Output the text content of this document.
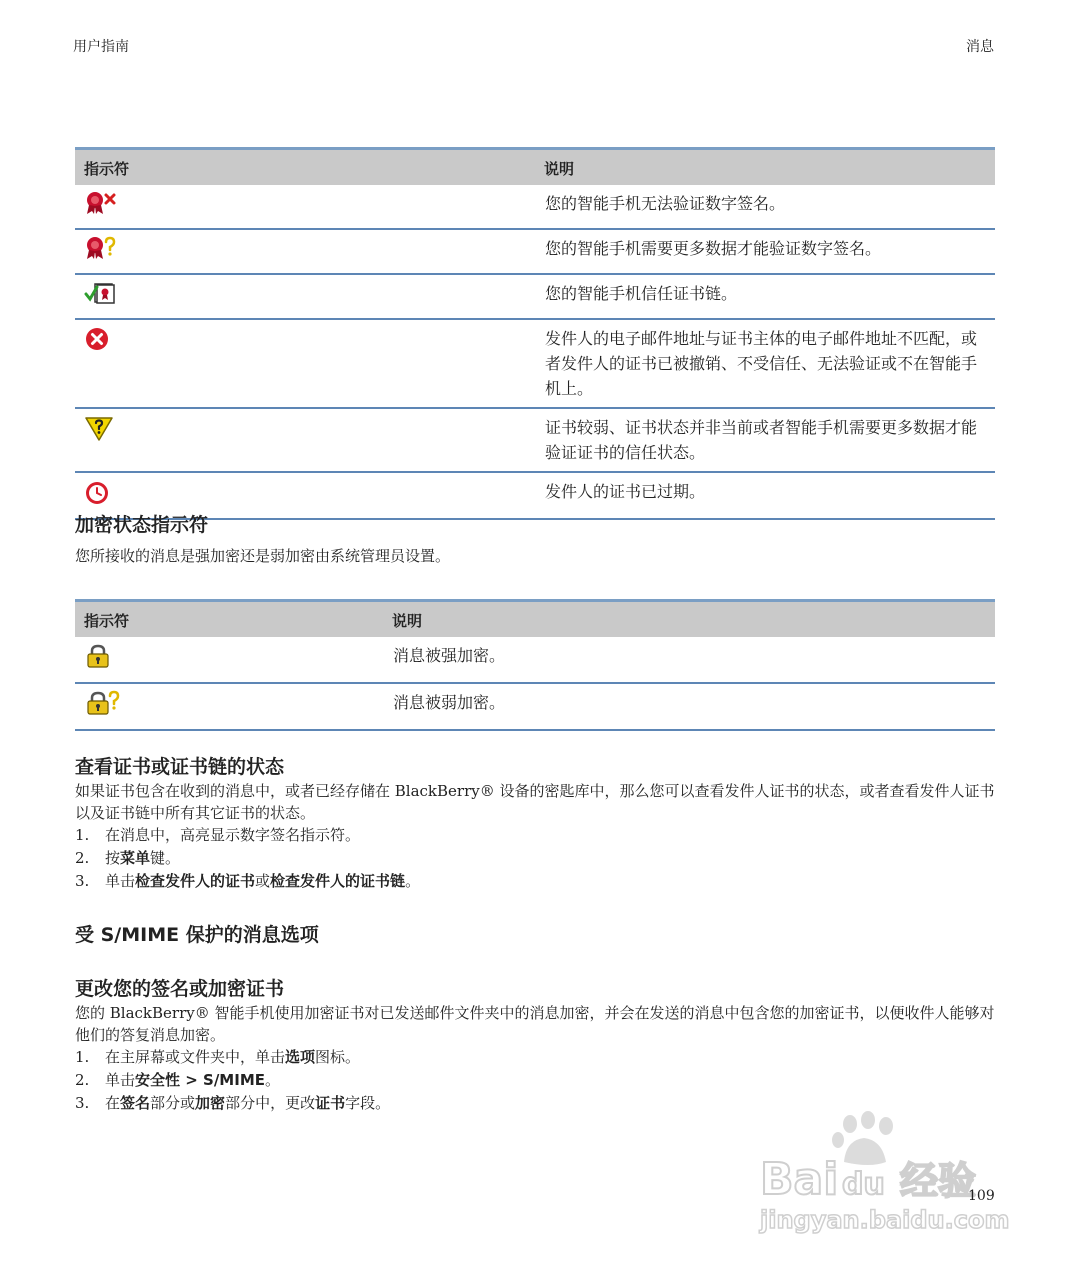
用户指南	消息
指示符	说明
	您的智能手机无法验证数字签名。
	您的智能手机需要更多数据才能验证数字签名。
	您的智能手机信任证书链。
	发件人的电子邮件地址与证书主体的电子邮件地址不匹配，或者发件人的证书已被撤销、不受信任、无法验证或不在智能手机上。
	证书较弱、证书状态并非当前或者智能手机需要更多数据才能验证证书的信任状态。
	发件人的证书已过期。
加密状态指示符

您所接收的消息是强加密还是弱加密由系统管理员设置。

指示符	说明
	消息被强加密。
	消息被弱加密。
查看证书或证书链的状态

如果证书包含在收到的消息中，或者已经存储在 BlackBerry® 设备的密匙库中，那么您可以查看发件人证书的状态，或者查看发件人证书以及证书链中所有其它证书的状态。

1.	在消息中，高亮显示数字签名指示符。
2.	按菜单键。
3.	单击检查发件人的证书或检查发件人的证书链。
受 S/MIME 保护的消息选项
更改您的签名或加密证书

您的 BlackBerry® 智能手机使用加密证书对已发送邮件文件夹中的消息加密，并会在发送的消息中包含您的加密证书，以便收件人能够对他们的答复消息加密。

1.	在主屏幕或文件夹中，单击选项图标。
2.	单击安全性 > S/MIME。
3.	在签名部分或加密部分中，更改证书字段。
Bai du 经验
jingyan.baidu.com
109
